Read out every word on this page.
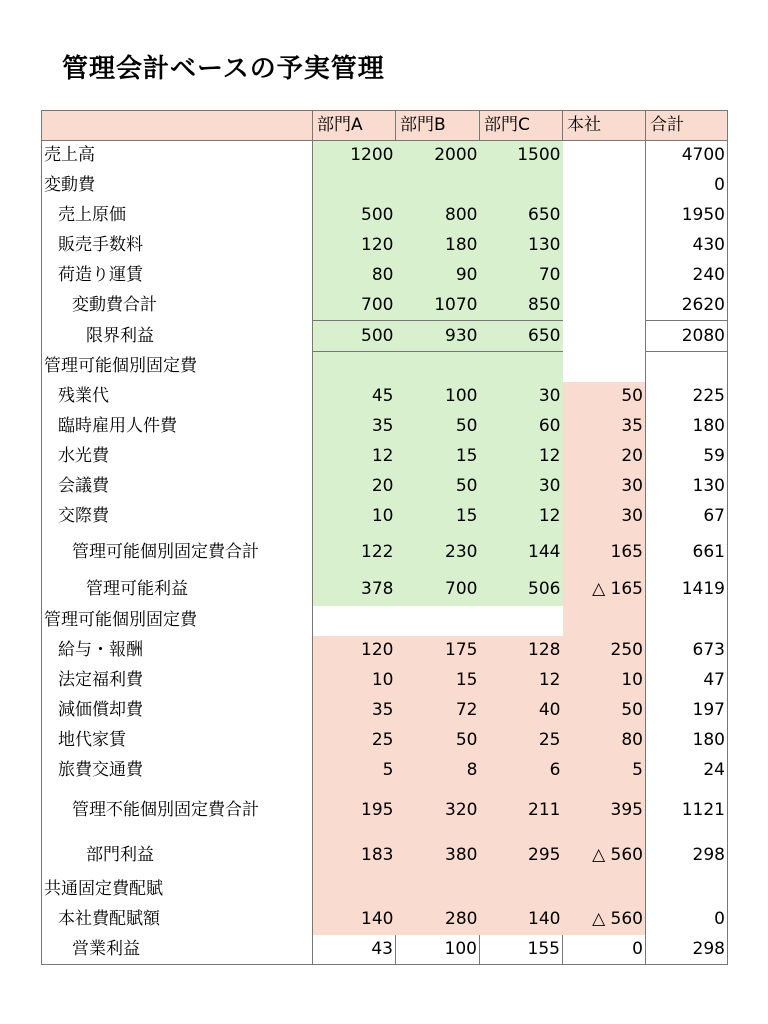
管理会計ベースの予実管理
	部門A	部門B	部門C	本社	合計
売上高	1200	2000	1500		4700
変動費					0
売上原価	500	800	650		1950
販売手数料	120	180	130		430
荷造り運賃	80	90	70		240
変動費合計	700	1070	850		2620
限界利益	500	930	650		2080
管理可能個別固定費					
残業代	45	100	30	50	225
臨時雇用人件費	35	50	60	35	180
水光費	12	15	12	20	59
会議費	20	50	30	30	130
交際費	10	15	12	30	67
管理可能個別固定費合計	122	230	144	165	661
管理可能利益	378	700	506	△ 165	1419
管理可能個別固定費					
給与・報酬	120	175	128	250	673
法定福利費	10	15	12	10	47
減価償却費	35	72	40	50	197
地代家賃	25	50	25	80	180
旅費交通費	5	8	6	5	24
管理不能個別固定費合計	195	320	211	395	1121
部門利益	183	380	295	△ 560	298
共通固定費配賦					
本社費配賦額	140	280	140	△ 560	0
営業利益	43	100	155	0	298
